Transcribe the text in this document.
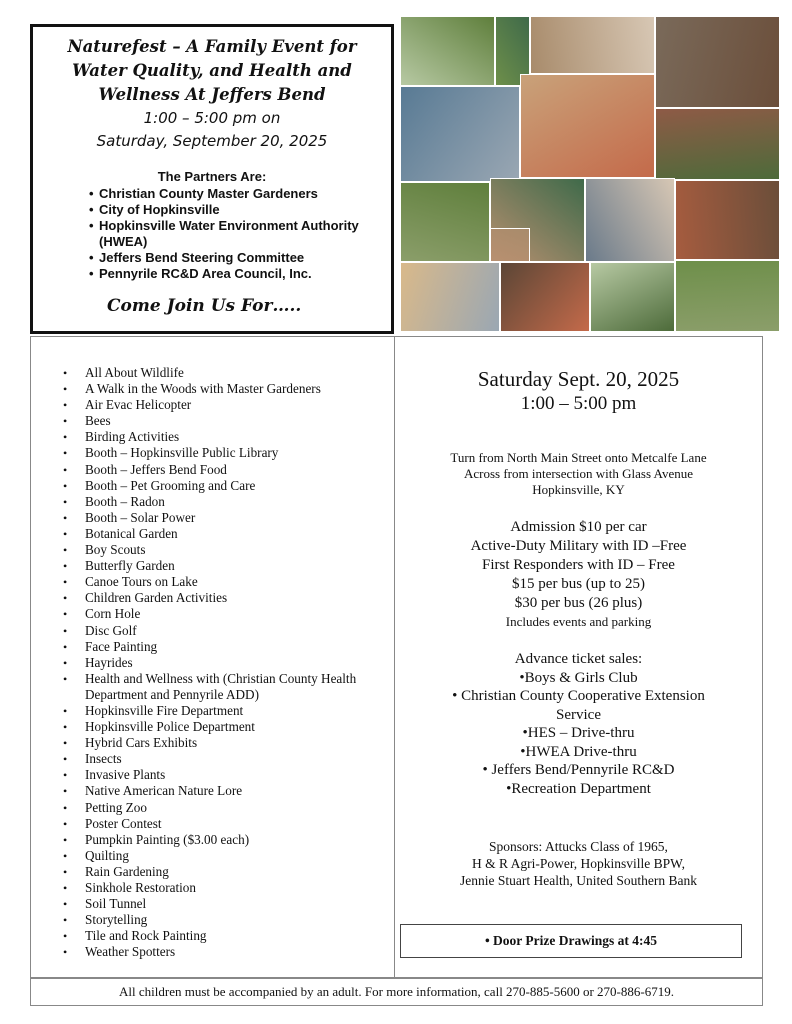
Naturefest – A Family Event for Water Quality, and Health and Wellness At Jeffers Bend
1:00 – 5:00 pm on
Saturday, September 20, 2025
The Partners Are:
• Christian County Master Gardeners
• City of Hopkinsville
• Hopkinsville Water Environment Authority (HWEA)
• Jeffers Bend Steering Committee
• Pennyrile RC&D Area Council, Inc.
Come Join Us For…..
• All About Wildlife
• A Walk in the Woods with Master Gardeners
• Air Evac Helicopter
• Bees
• Birding Activities
• Booth – Hopkinsville Public Library
• Booth – Jeffers Bend Food
• Booth – Pet Grooming and Care
• Booth – Radon
• Booth – Solar Power
• Botanical Garden
• Boy Scouts
• Butterfly Garden
• Canoe Tours on Lake
• Children Garden Activities
• Corn Hole
• Disc Golf
• Face Painting
• Hayrides
• Health and Wellness with (Christian County Health Department and Pennyrile ADD)
• Hopkinsville Fire Department
• Hopkinsville Police Department
• Hybrid Cars Exhibits
• Insects
• Invasive Plants
• Native American Nature Lore
• Petting Zoo
• Poster Contest
• Pumpkin Painting ($3.00 each)
• Quilting
• Rain Gardening
• Sinkhole Restoration
• Soil Tunnel
• Storytelling
• Tile and Rock Painting
• Weather Spotters
Saturday Sept. 20, 2025
1:00 – 5:00 pm
Turn from North Main Street onto Metcalfe Lane
Across from intersection with Glass Avenue
Hopkinsville, KY
Admission $10 per car
Active-Duty Military with ID –Free
First Responders with ID – Free
$15 per bus (up to 25)
$30 per bus (26 plus)
Includes events and parking
Advance ticket sales:
•Boys & Girls Club
• Christian County Cooperative Extension
Service
•HES – Drive-thru
•HWEA Drive-thru
• Jeffers Bend/Pennyrile RC&D
•Recreation Department
Sponsors: Attucks Class of 1965,
H & R Agri-Power, Hopkinsville BPW,
Jennie Stuart Health, United Southern Bank
• Door Prize Drawings at 4:45
All children must be accompanied by an adult. For more information, call 270-885-5600 or 270-886-6719.
